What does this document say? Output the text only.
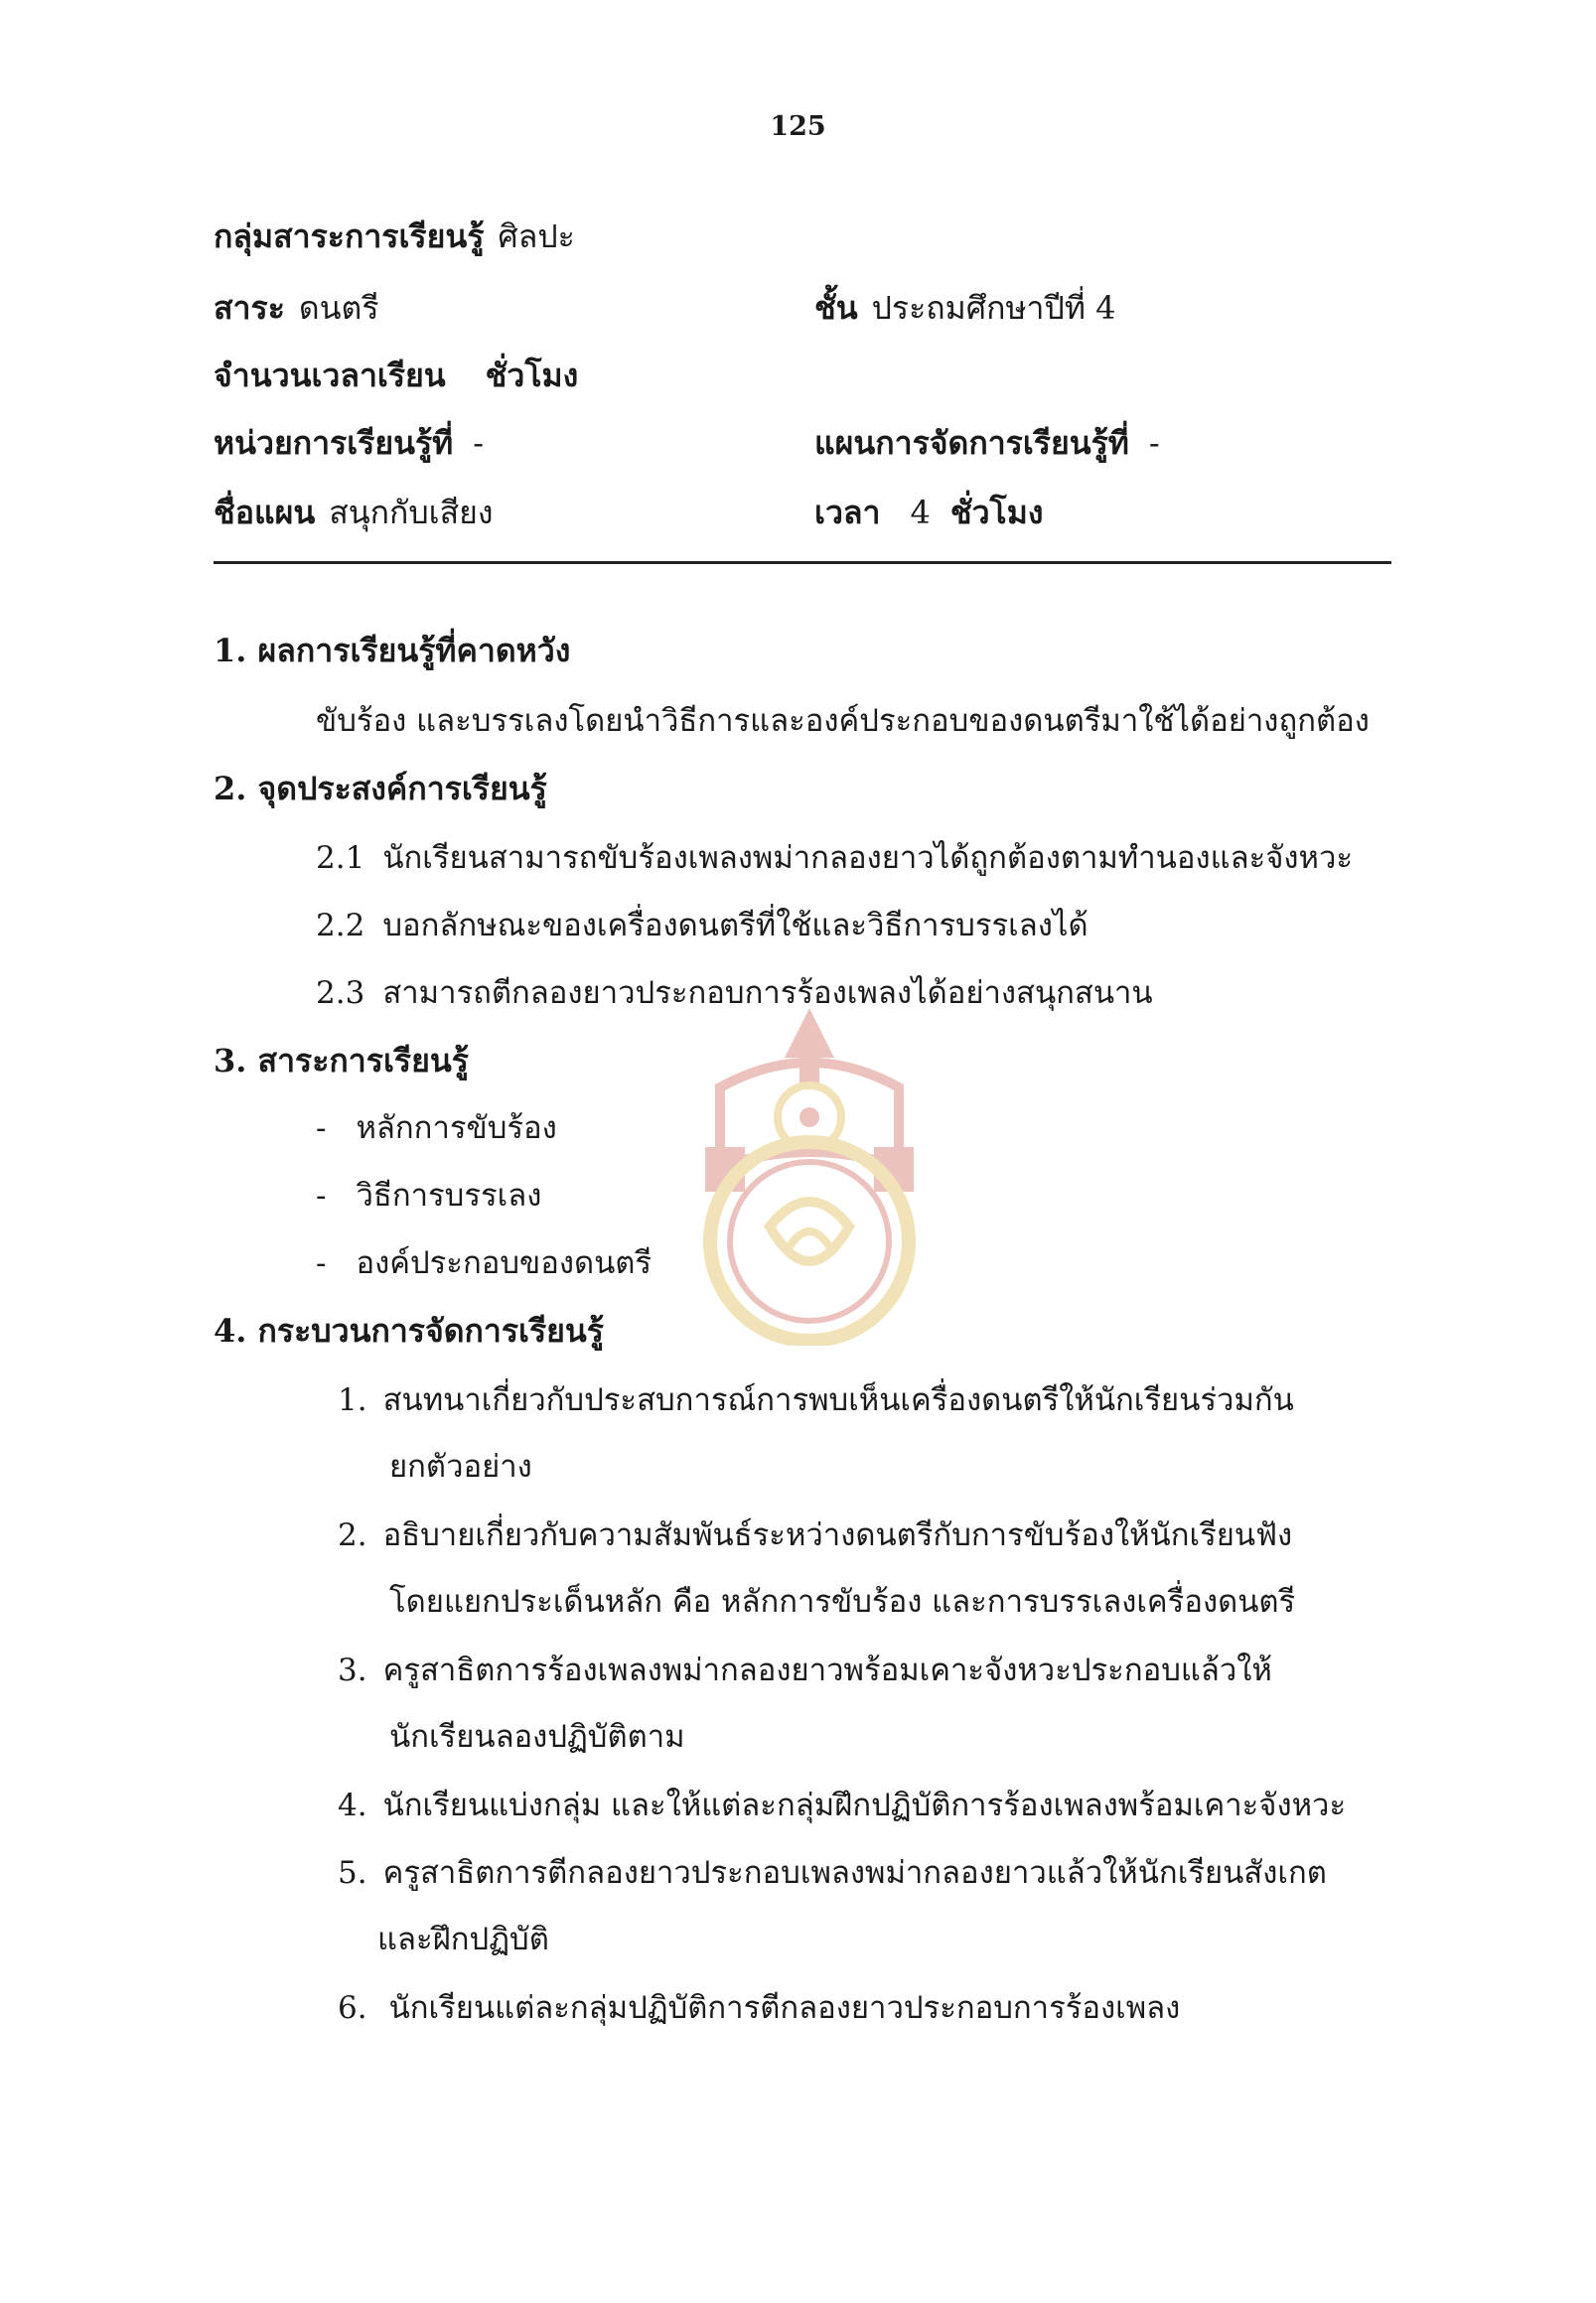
125
กลุ่มสาระการเรียนรู้ ศิลปะ
สาระ ดนตรี	ชั้น ประถมศึกษาปีที่ 4
จำนวนเวลาเรียน ชั่วโมง
หน่วยการเรียนรู้ที่ -	แผนการจัดการเรียนรู้ที่ -
ชื่อแผน สนุกกับเสียง	เวลา 4 ชั่วโมง
1. ผลการเรียนรู้ที่คาดหวัง
ขับร้อง และบรรเลงโดยนำวิธีการและองค์ประกอบของดนตรีมาใช้ได้อย่างถูกต้อง
2. จุดประสงค์การเรียนรู้
2.1 นักเรียนสามารถขับร้องเพลงพม่ากลองยาวได้ถูกต้องตามทำนองและจังหวะ
2.2 บอกลักษณะของเครื่องดนตรีที่ใช้และวิธีการบรรเลงได้
2.3 สามารถตีกลองยาวประกอบการร้องเพลงได้อย่างสนุกสนาน
3. สาระการเรียนรู้
- หลักการขับร้อง
- วิธีการบรรเลง
- องค์ประกอบของดนตรี
4. กระบวนการจัดการเรียนรู้
1. สนทนาเกี่ยวกับประสบการณ์การพบเห็นเครื่องดนตรีให้นักเรียนร่วมกัน
ยกตัวอย่าง
2. อธิบายเกี่ยวกับความสัมพันธ์ระหว่างดนตรีกับการขับร้องให้นักเรียนฟัง
โดยแยกประเด็นหลัก คือ หลักการขับร้อง และการบรรเลงเครื่องดนตรี
3. ครูสาธิตการร้องเพลงพม่ากลองยาวพร้อมเคาะจังหวะประกอบแล้วให้
นักเรียนลองปฏิบัติตาม
4. นักเรียนแบ่งกลุ่ม และให้แต่ละกลุ่มฝึกปฏิบัติการร้องเพลงพร้อมเคาะจังหวะ
5. ครูสาธิตการตีกลองยาวประกอบเพลงพม่ากลองยาวแล้วให้นักเรียนสังเกต
และฝึกปฏิบัติ
6. นักเรียนแต่ละกลุ่มปฏิบัติการตีกลองยาวประกอบการร้องเพลง
